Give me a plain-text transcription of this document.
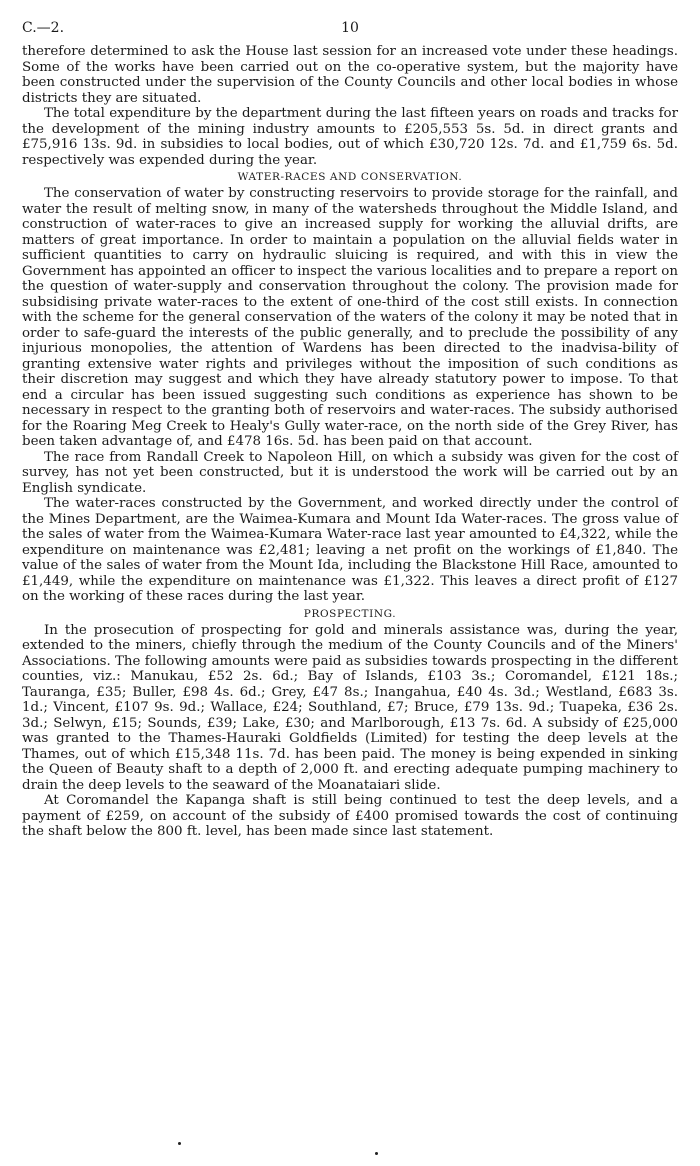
C.—2.	10

therefore determined to ask the House last session for an increased vote under these headings. Some of the works have been carried out on the co-operative system, but the majority have been constructed under the supervision of the County Councils and other local bodies in whose districts they are situated.

The total expenditure by the department during the last fifteen years on roads and tracks for the development of the mining industry amounts to £205,553 5s. 5d. in direct grants and £75,916 13s. 9d. in subsidies to local bodies, out of which £30,720 12s. 7d. and £1,759 6s. 5d. respectively was expended during the year.

WATER-RACES AND CONSERVATION.

The conservation of water by constructing reservoirs to provide storage for the rainfall, and water the result of melting snow, in many of the watersheds throughout the Middle Island, and construction of water-races to give an increased supply for working the alluvial drifts, are matters of great importance. In order to maintain a population on the alluvial fields water in sufficient quantities to carry on hydraulic sluicing is required, and with this in view the Government has appointed an officer to inspect the various localities and to prepare a report on the question of water-supply and conservation throughout the colony. The provision made for subsidising private water-races to the extent of one-third of the cost still exists. In connection with the scheme for the general conservation of the waters of the colony it may be noted that in order to safe-guard the interests of the public generally, and to preclude the possibility of any injurious monopolies, the attention of Wardens has been directed to the inadvisa-bility of granting extensive water rights and privileges without the imposition of such conditions as their discretion may suggest and which they have already statutory power to impose. To that end a circular has been issued suggesting such conditions as experience has shown to be necessary in respect to the granting both of reservoirs and water-races. The subsidy authorised for the Roaring Meg Creek to Healy's Gully water-race, on the north side of the Grey River, has been taken advantage of, and £478 16s. 5d. has been paid on that account.

The race from Randall Creek to Napoleon Hill, on which a subsidy was given for the cost of survey, has not yet been constructed, but it is understood the work will be carried out by an English syndicate.

The water-races constructed by the Government, and worked directly under the control of the Mines Department, are the Waimea-Kumara and Mount Ida Water-races. The gross value of the sales of water from the Waimea-Kumara Water-race last year amounted to £4,322, while the expenditure on maintenance was £2,481; leaving a net profit on the workings of £1,840. The value of the sales of water from the Mount Ida, including the Blackstone Hill Race, amounted to £1,449, while the expenditure on maintenance was £1,322. This leaves a direct profit of £127 on the working of these races during the last year.

PROSPECTING.

In the prosecution of prospecting for gold and minerals assistance was, during the year, extended to the miners, chiefly through the medium of the County Councils and of the Miners' Associations. The following amounts were paid as subsidies towards prospecting in the different counties, viz.: Manukau, £52 2s. 6d.; Bay of Islands, £103 3s.; Coromandel, £121 18s.; Tauranga, £35; Buller, £98 4s. 6d.; Grey, £47 8s.; Inangahua, £40 4s. 3d.; Westland, £683 3s. 1d.; Vincent, £107 9s. 9d.; Wallace, £24; Southland, £7; Bruce, £79 13s. 9d.; Tuapeka, £36 2s. 3d.; Selwyn, £15; Sounds, £39; Lake, £30; and Marlborough, £13 7s. 6d. A subsidy of £25,000 was granted to the Thames-Hauraki Goldfields (Limited) for testing the deep levels at the Thames, out of which £15,348 11s. 7d. has been paid. The money is being expended in sinking the Queen of Beauty shaft to a depth of 2,000 ft. and erecting adequate pumping machinery to drain the deep levels to the seaward of the Moanataiari slide.

At Coromandel the Kapanga shaft is still being continued to test the deep levels, and a payment of £259, on account of the subsidy of £400 promised towards the cost of continuing the shaft below the 800 ft. level, has been made since last statement.
